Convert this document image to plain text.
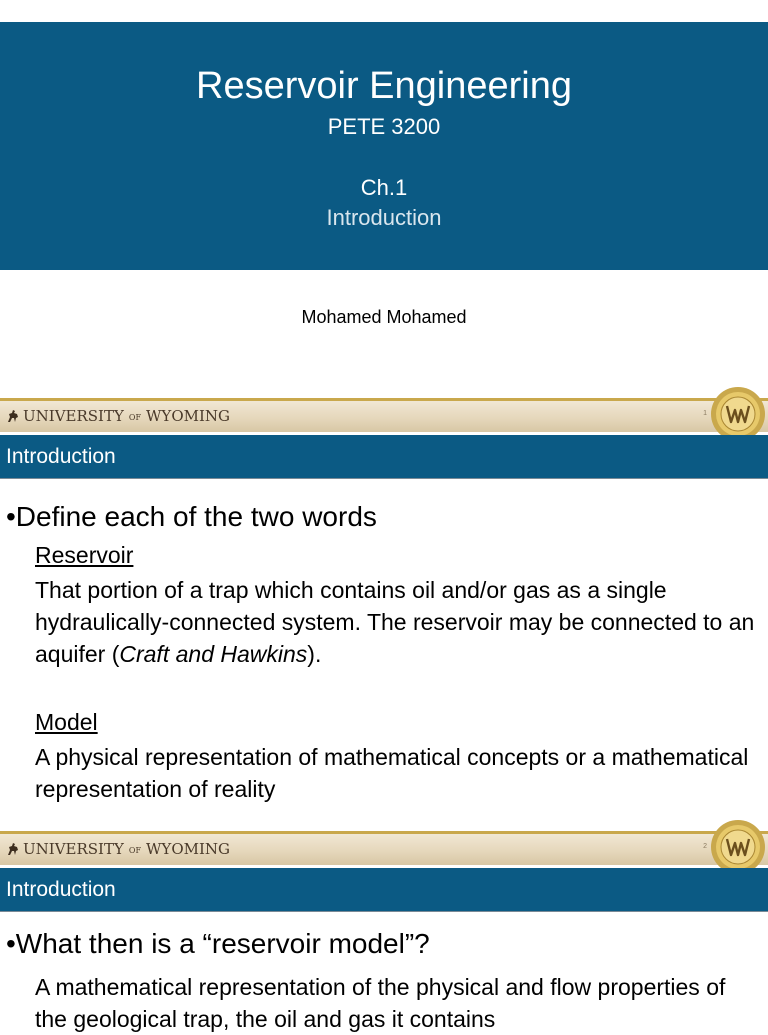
Reservoir Engineering
PETE 3200
Ch.1
Introduction
Mohamed Mohamed
UNIVERSITY OF WYOMING	1
Introduction
•Define each of the two words
Reservoir
That portion of a trap which contains oil and/or gas as a single hydraulically-connected system. The reservoir may be connected to an aquifer (Craft and Hawkins).
Model
A physical representation of mathematical concepts or a mathematical representation of reality
UNIVERSITY OF WYOMING	2
Introduction
•What then is a “reservoir model”?
A mathematical representation of the physical and flow properties of the geological trap, the oil and gas it contains
